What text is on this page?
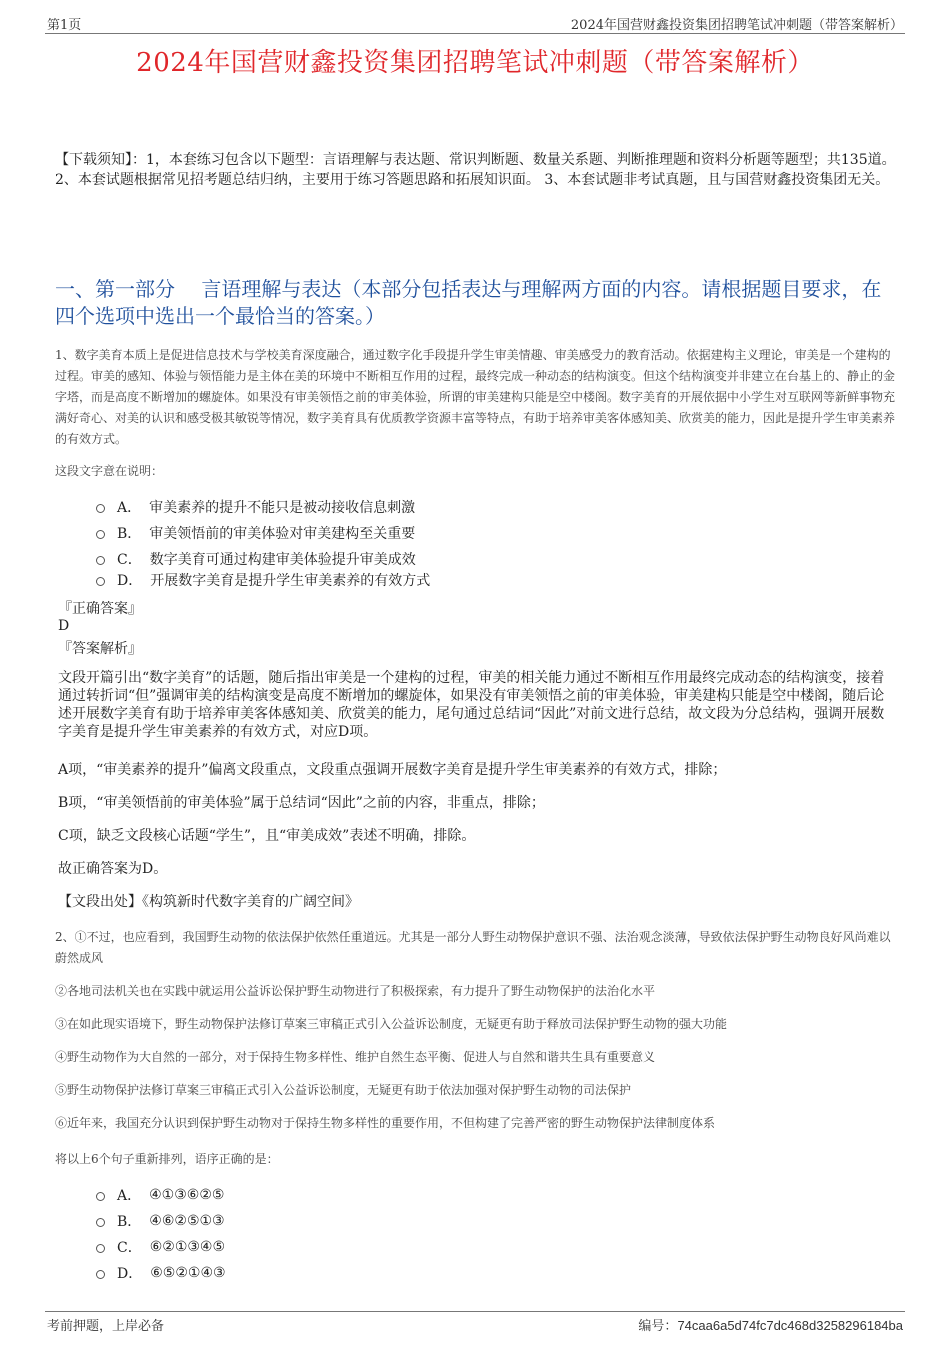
第1页	2024年国营财鑫投资集团招聘笔试冲刺题（带答案解析）
2024年国营财鑫投资集团招聘笔试冲刺题（带答案解析）
【下载须知】：1，本套练习包含以下题型：言语理解与表达题、常识判断题、数量关系题、判断推理题和资料分析题等题型；共135道。 2、本套试题根据常见招考题总结归纳，主要用于练习答题思路和拓展知识面。 3、本套试题非考试真题，且与国营财鑫投资集团无关。
一、第一部分　 言语理解与表达（本部分包括表达与理解两方面的内容。请根据题目要求，在四个选项中选出一个最恰当的答案。）
1、数字美育本质上是促进信息技术与学校美育深度融合，通过数字化手段提升学生审美情趣、审美感受力的教育活动。依据建构主义理论，审美是一个建构的过程。审美的感知、体验与领悟能力是主体在美的环境中不断相互作用的过程，最终完成一种动态的结构演变。但这个结构演变并非建立在台基上的、静止的金字塔，而是高度不断增加的螺旋体。如果没有审美领悟之前的审美体验，所谓的审美建构只能是空中楼阁。数字美育的开展依据中小学生对互联网等新鲜事物充满好奇心、对美的认识和感受极其敏锐等情况，数字美育具有优质教学资源丰富等特点，有助于培养审美客体感知美、欣赏美的能力，因此是提升学生审美素养的有效方式。
这段文字意在说明：
A． 审美素养的提升不能只是被动接收信息刺激
B． 审美领悟前的审美体验对审美建构至关重要
C． 数字美育可通过构建审美体验提升审美成效
D． 开展数字美育是提升学生审美素养的有效方式
『正确答案』
D
『答案解析』
文段开篇引出“数字美育”的话题，随后指出审美是一个建构的过程，审美的相关能力通过不断相互作用最终完成动态的结构演变，接着通过转折词“但”强调审美的结构演变是高度不断增加的螺旋体，如果没有审美领悟之前的审美体验，审美建构只能是空中楼阁，随后论述开展数字美育有助于培养审美客体感知美、欣赏美的能力，尾句通过总结词“因此”对前文进行总结，故文段为分总结构，强调开展数字美育是提升学生审美素养的有效方式，对应D项。
A项，“审美素养的提升”偏离文段重点，文段重点强调开展数字美育是提升学生审美素养的有效方式，排除；
B项，“审美领悟前的审美体验”属于总结词“因此”之前的内容，非重点，排除；
C项，缺乏文段核心话题“学生”，且“审美成效”表述不明确，排除。
故正确答案为D。
【文段出处】《构筑新时代数字美育的广阔空间》
2、①不过，也应看到，我国野生动物的依法保护依然任重道远。尤其是一部分人野生动物保护意识不强、法治观念淡薄，导致依法保护野生动物良好风尚难以蔚然成风
②各地司法机关也在实践中就运用公益诉讼保护野生动物进行了积极探索，有力提升了野生动物保护的法治化水平
③在如此现实语境下，野生动物保护法修订草案三审稿正式引入公益诉讼制度，无疑更有助于释放司法保护野生动物的强大功能
④野生动物作为大自然的一部分，对于保持生物多样性、维护自然生态平衡、促进人与自然和谐共生具有重要意义
⑤野生动物保护法修订草案三审稿正式引入公益诉讼制度，无疑更有助于依法加强对保护野生动物的司法保护
⑥近年来，我国充分认识到保护野生动物对于保持生物多样性的重要作用，不但构建了完善严密的野生动物保护法律制度体系
将以上6个句子重新排列，语序正确的是：
A． ④①③⑥②⑤
B． ④⑥②⑤①③
C． ⑥②①③④⑤
D． ⑥⑤②①④③
考前押题，上岸必备	编号：74caa6a5d74fc7dc468d3258296184ba
